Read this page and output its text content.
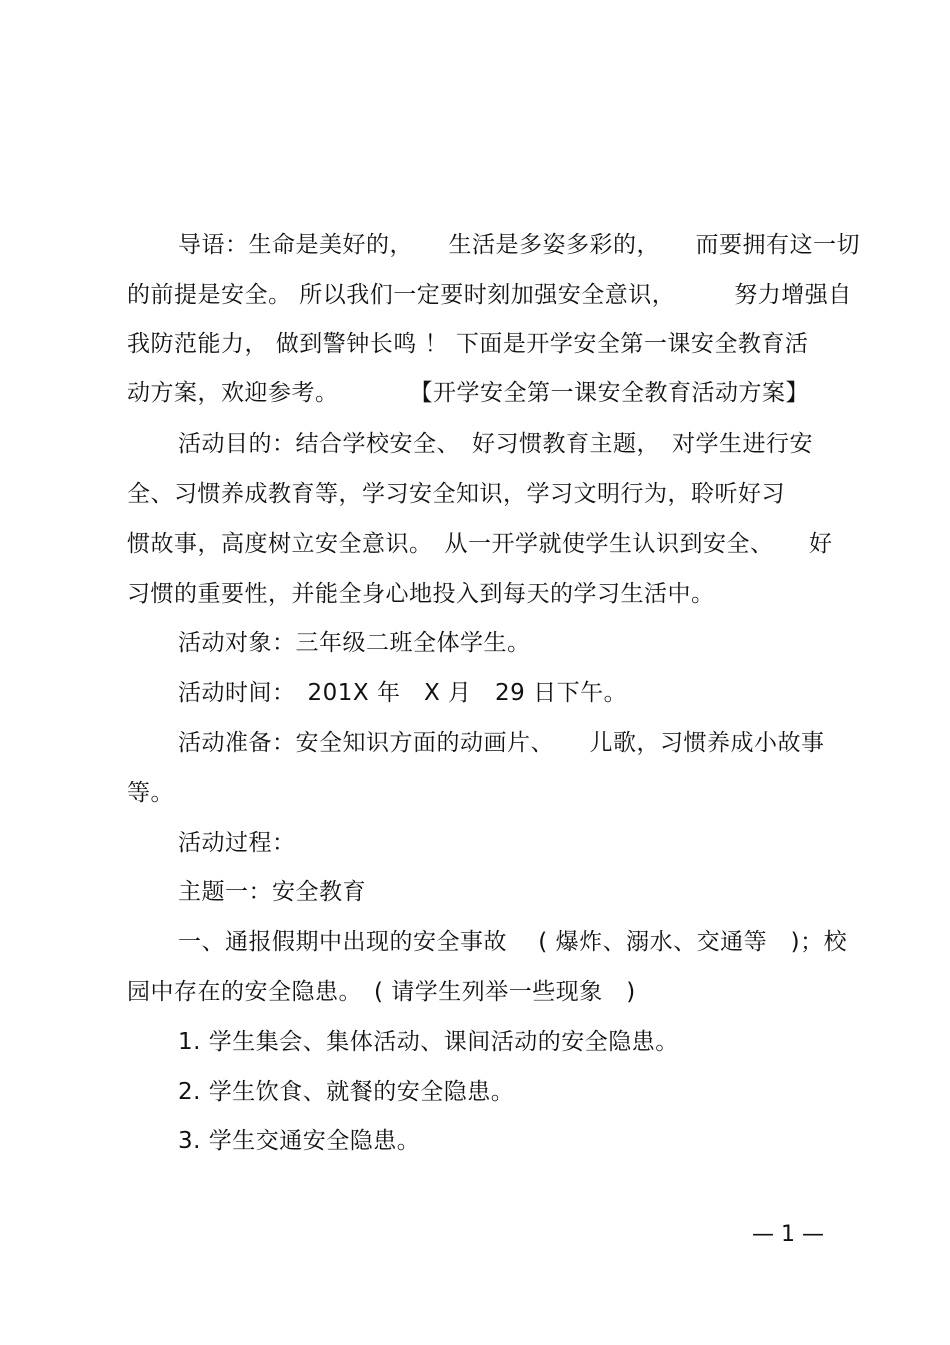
导语：生命是美好的，　　生活是多姿多彩的，　　而要拥有这一切
的前提是安全。 所以我们一定要时刻加强安全意识，　　　努力增强自
我防范能力， 做到警钟长鸣 ！ 下面是开学安全第一课安全教育活
动方案，欢迎参考。　　　　【开学安全第一课安全教育活动方案】
活动目的：结合学校安全、　好习惯教育主题，　对学生进行安
全、习惯养成教育等，学习安全知识，学习文明行为，聆听好习
惯故事，高度树立安全意识。　从一开学就使学生认识到安全、　　好
习惯的重要性，并能全身心地投入到每天的学习生活中。
活动对象：三年级二班全体学生。
活动时间：　201X 年　X 月　29 日下午。
活动准备：安全知识方面的动画片、　　儿歌，习惯养成小故事
等。
活动过程：
主题一：安全教育
一、通报假期中出现的安全事故　 ( 爆炸、溺水、交通等　)；校
园中存在的安全隐患。　( 请学生列举一些现象　)
1. 学生集会、集体活动、课间活动的安全隐患。
2. 学生饮食、就餐的安全隐患。
3. 学生交通安全隐患。
— 1 —
